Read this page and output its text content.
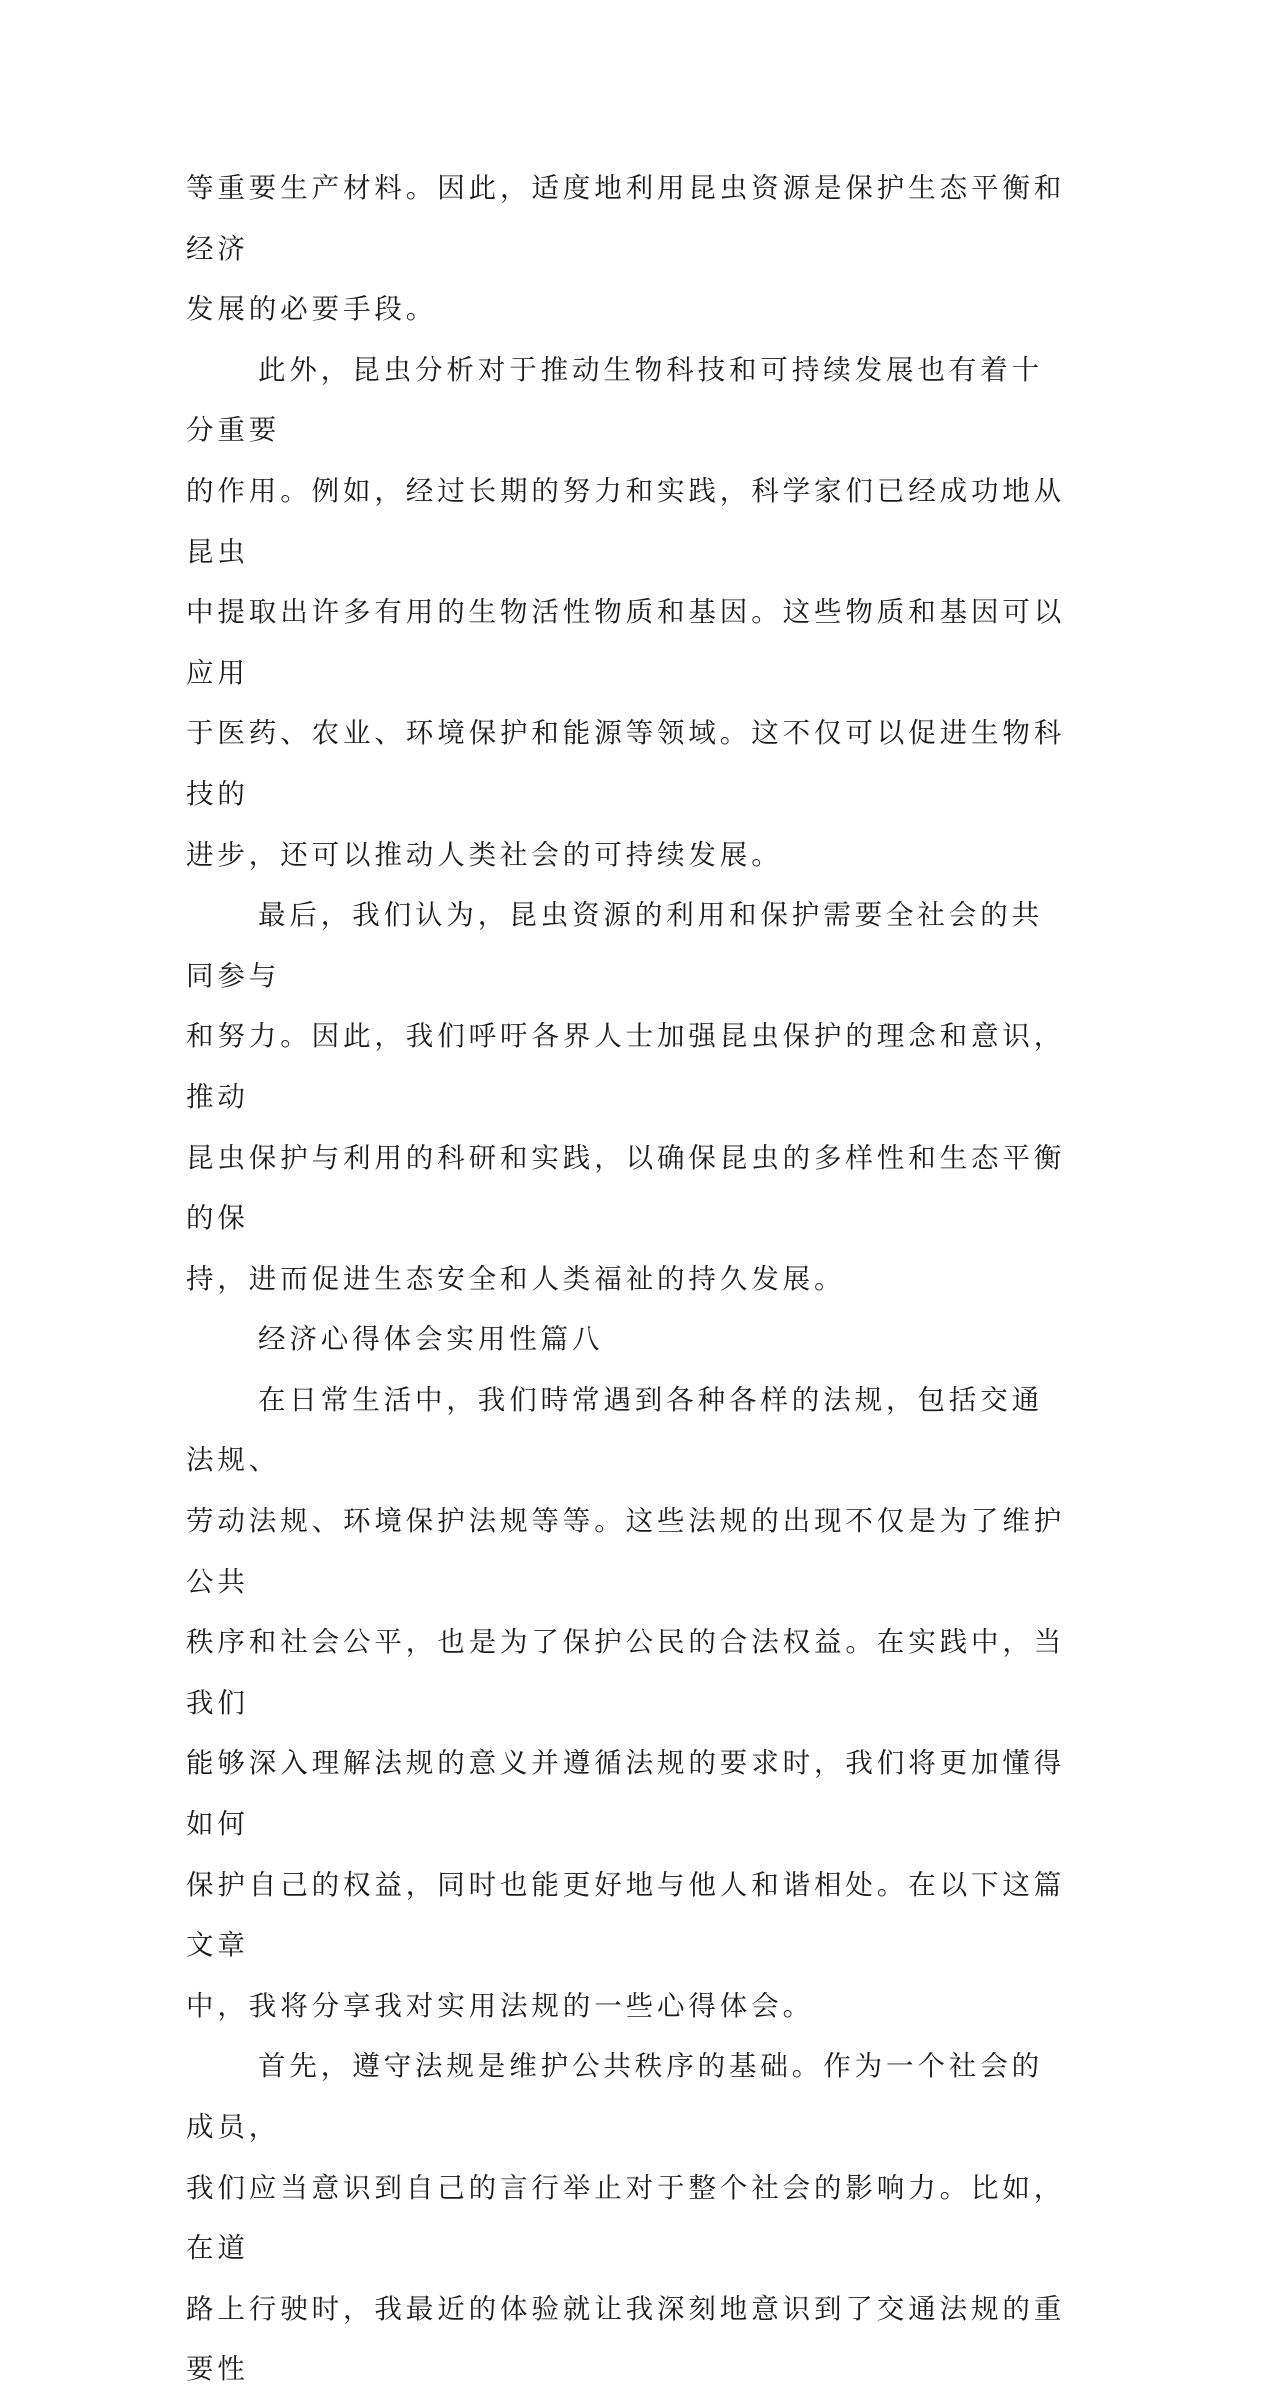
等重要生产材料。因此，适度地利用昆虫资源是保护生态平衡和经济
发展的必要手段。

此外，昆虫分析对于推动生物科技和可持续发展也有着十分重要
的作用。例如，经过长期的努力和实践，科学家们已经成功地从昆虫
中提取出许多有用的生物活性物质和基因。这些物质和基因可以应用
于医药、农业、环境保护和能源等领域。这不仅可以促进生物科技的
进步，还可以推动人类社会的可持续发展。

最后，我们认为，昆虫资源的利用和保护需要全社会的共同参与
和努力。因此，我们呼吁各界人士加强昆虫保护的理念和意识，推动
昆虫保护与利用的科研和实践，以确保昆虫的多样性和生态平衡的保
持，进而促进生态安全和人类福祉的持久发展。

经济心得体会实用性篇八

在日常生活中，我们時常遇到各种各样的法规，包括交通法规、
劳动法规、环境保护法规等等。这些法规的出现不仅是为了维护公共
秩序和社会公平，也是为了保护公民的合法权益。在实践中，当我们
能够深入理解法规的意义并遵循法规的要求时，我们将更加懂得如何
保护自己的权益，同时也能更好地与他人和谐相处。在以下这篇文章
中，我将分享我对实用法规的一些心得体会。

首先，遵守法规是维护公共秩序的基础。作为一个社会的成员，
我们应当意识到自己的言行举止对于整个社会的影响力。比如，在道
路上行驶时，我最近的体验就让我深刻地意识到了交通法规的重要性
